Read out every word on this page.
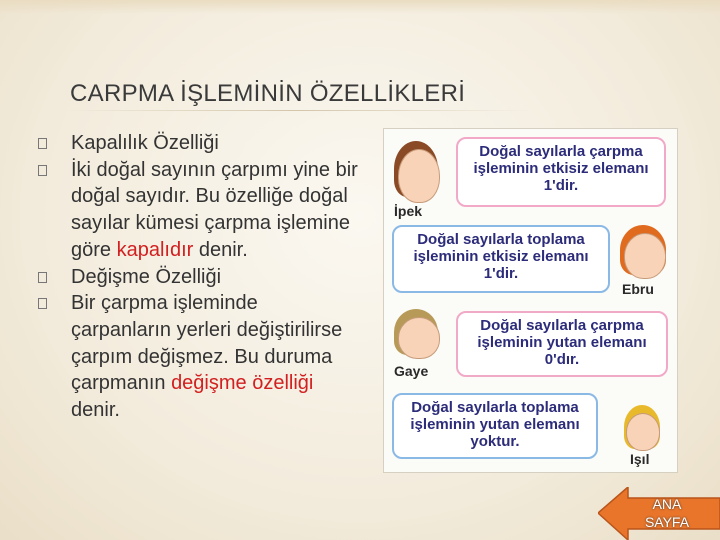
CARPMA İŞLEMİNİN ÖZELLİKLERİ
Kapalılık Özelliği
İki doğal sayının çarpımı yine bir doğal sayıdır. Bu özelliğe doğal sayılar kümesi çarpma işlemine göre kapalıdır denir.
Değişme Özelliği
Bir çarpma işleminde çarpanların yerleri değiştirilirse çarpım değişmez. Bu duruma çarpmanın değişme özelliği denir.
İpek
Doğal sayılarla çarpma işleminin etkisiz elemanı 1'dir.
Doğal sayılarla toplama işleminin etkisiz elemanı 1'dir.
Ebru
Gaye
Doğal sayılarla çarpma işleminin yutan elemanı 0'dır.
Doğal sayılarla toplama işleminin yutan elemanı yoktur.
Işıl
ANA SAYFA
